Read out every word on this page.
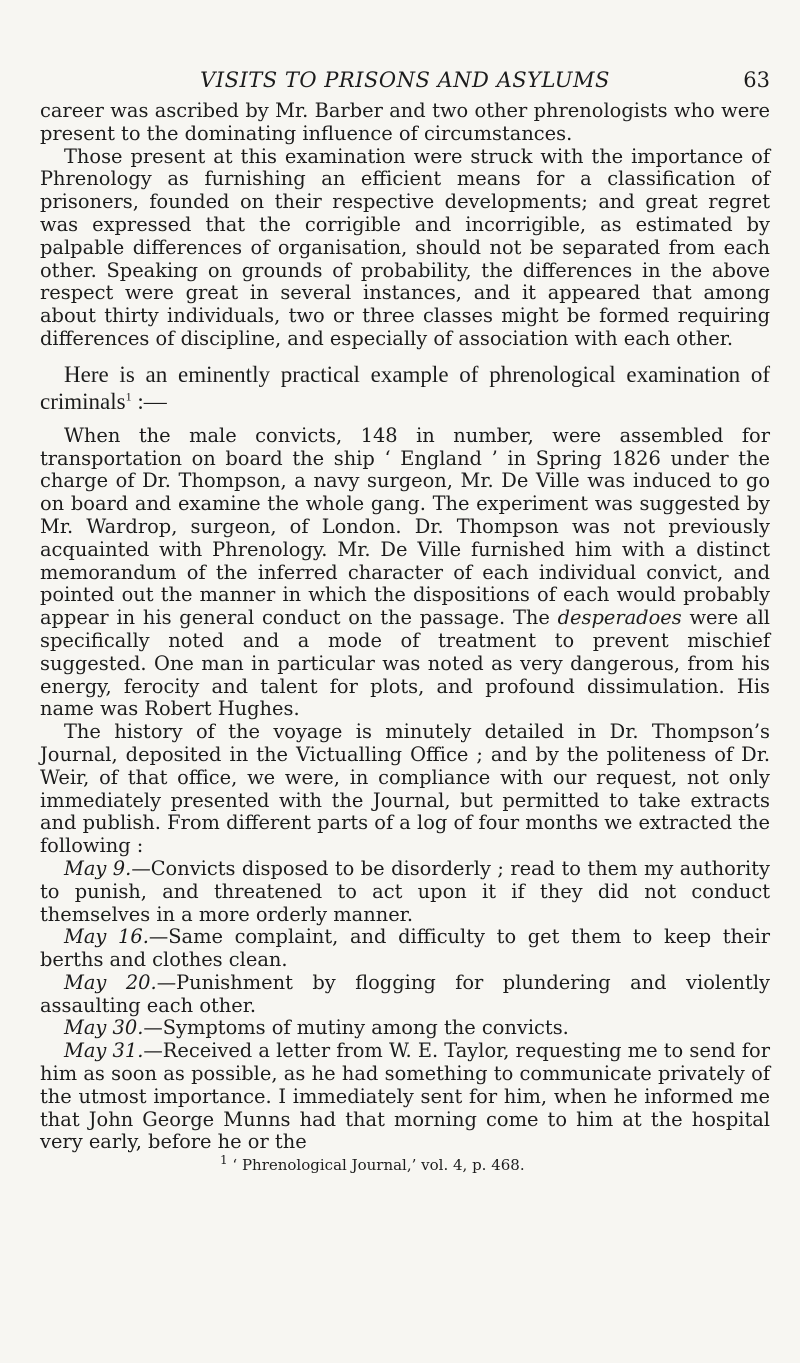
VISITS TO PRISONS AND ASYLUMS	63

career was ascribed by Mr. Barber and two other phrenologists who were present to the dominating influence of circumstances.

Those present at this examination were struck with the importance of Phrenology as furnishing an efficient means for a classification of prisoners, founded on their respective developments; and great regret was expressed that the corrigible and incorrigible, as estimated by palpable differences of organisation, should not be separated from each other. Speaking on grounds of probability, the differences in the above respect were great in several instances, and it appeared that among about thirty individuals, two or three classes might be formed requiring differences of discipline, and especially of association with each other.

Here is an eminently practical example of phrenological examination of criminals$^1$ :—

When the male convicts, 148 in number, were assembled for transportation on board the ship ‘ England ’ in Spring 1826 under the charge of Dr. Thompson, a navy surgeon, Mr. De Ville was induced to go on board and examine the whole gang. The experiment was suggested by Mr. Wardrop, surgeon, of London. Dr. Thompson was not previously acquainted with Phrenology. Mr. De Ville furnished him with a distinct memorandum of the inferred character of each individual convict, and pointed out the manner in which the dispositions of each would probably appear in his general conduct on the passage. The desperadoes were all specifically noted and a mode of treatment to prevent mischief suggested. One man in particular was noted as very dangerous, from his energy, ferocity and talent for plots, and profound dissimulation. His name was Robert Hughes.

The history of the voyage is minutely detailed in Dr. Thompson’s Journal, deposited in the Victualling Office ; and by the politeness of Dr. Weir, of that office, we were, in compliance with our request, not only immediately presented with the Journal, but permitted to take extracts and publish. From different parts of a log of four months we extracted the following :

May 9.—Convicts disposed to be disorderly ; read to them my authority to punish, and threatened to act upon it if they did not conduct themselves in a more orderly manner.

May 16.—Same complaint, and difficulty to get them to keep their berths and clothes clean.

May 20.—Punishment by flogging for plundering and violently assaulting each other.

May 30.—Symptoms of mutiny among the convicts.

May 31.—Received a letter from W. E. Taylor, requesting me to send for him as soon as possible, as he had something to communicate privately of the utmost importance. I immediately sent for him, when he informed me that John George Munns had that morning come to him at the hospital very early, before he or the

$^1$ ‘ Phrenological Journal,’ vol. 4, p. 468.
